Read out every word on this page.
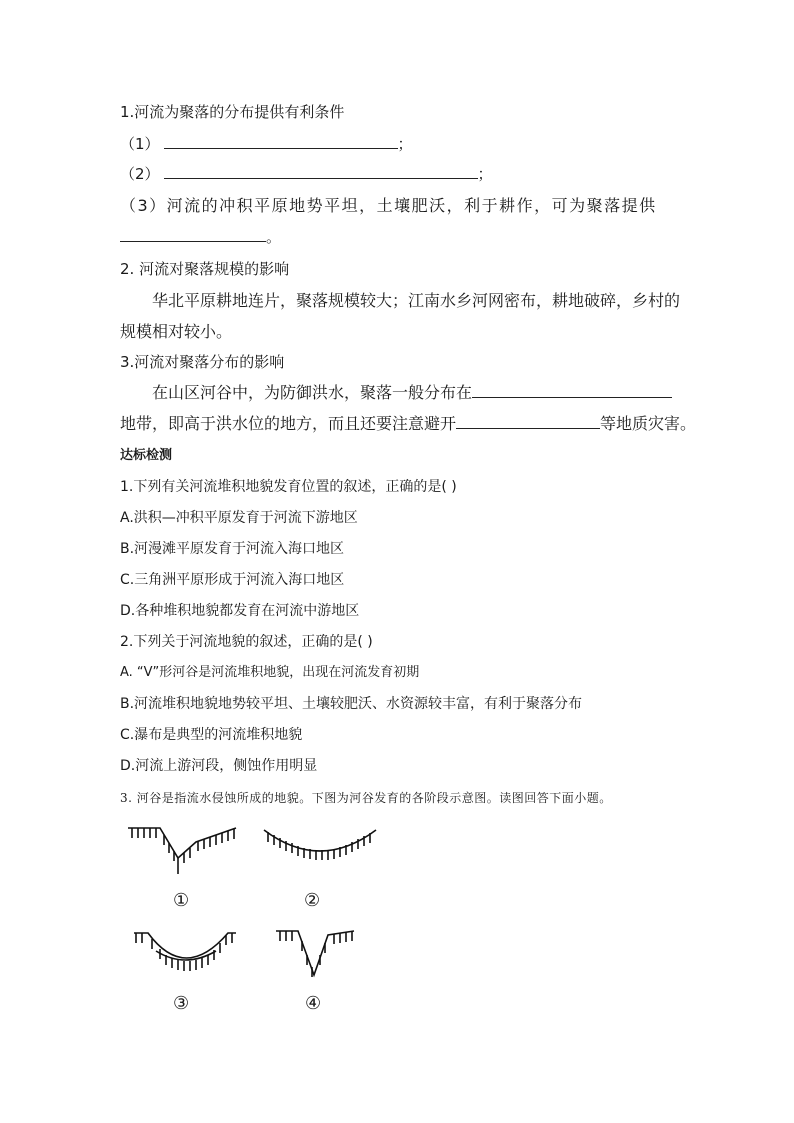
1.河流为聚落的分布提供有利条件
（1）	；
（2）	；
（3）河流的冲积平原地势平坦，土壤肥沃，利于耕作，可为聚落提供
。
2. 河流对聚落规模的影响
华北平原耕地连片，聚落规模较大；江南水乡河网密布，耕地破碎，乡村的
规模相对较小。
3.河流对聚落分布的影响
在山区河谷中，为防御洪水，聚落一般分布在
地带，即高于洪水位的地方，而且还要注意避开	等地质灾害。
达标检测
1.下列有关河流堆积地貌发育位置的叙述，正确的是( )
A.洪积—冲积平原发育于河流下游地区
B.河漫滩平原发育于河流入海口地区
C.三角洲平原形成于河流入海口地区
D.各种堆积地貌都发育在河流中游地区
2.下列关于河流地貌的叙述，正确的是( )
A. “V”形河谷是河流堆积地貌，出现在河流发育初期
B.河流堆积地貌地势较平坦、土壤较肥沃、水资源较丰富，有利于聚落分布
C.瀑布是典型的河流堆积地貌
D.河流上游河段，侧蚀作用明显
3. 河谷是指流水侵蚀所成的地貌。下图为河谷发育的各阶段示意图。读图回答下面小题。
①	②
③	④
